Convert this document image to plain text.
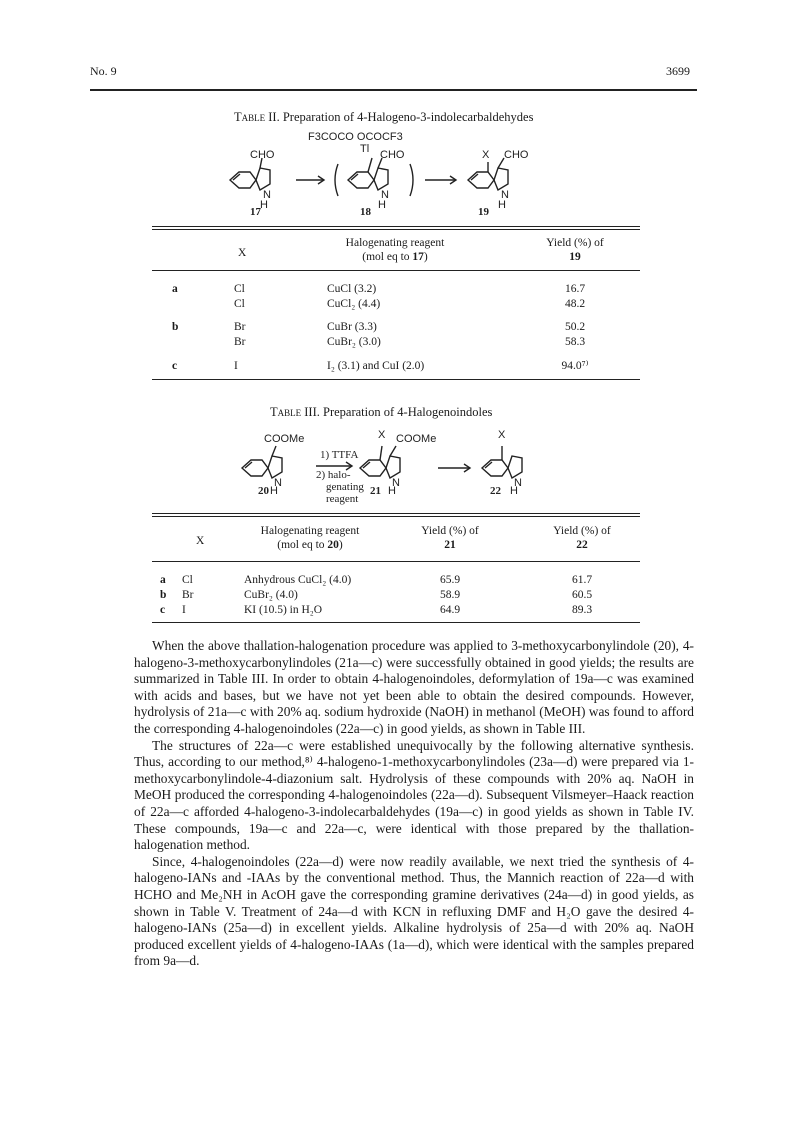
No. 9	3699
Table II. Preparation of 4-Halogeno-3-indolecarbaldehydes
F3COCO OCOCF3
Tl
CHO	CHO	X CHO
N
H
N
H
N
H
17	18	19
X
Halogenating reagent
(mol eq to 17)
Yield (%) of
19
a	Cl	CuCl (3.2)	16.7
Cl	CuCl₂ (4.4)	48.2
b	Br	CuBr (3.3)	50.2
Br	CuBr₂ (3.0)	58.3
c	I	I₂ (3.1) and CuI (2.0)	94.0⁷⁾
Table III. Preparation of 4-Halogenoindoles
COOMe	X COOMe	X
N
H
N
H
N
H
1) TTFA
2) halo-
genating
reagent
20	21	22
X
Halogenating reagent
(mol eq to 20)
Yield (%) of
21
Yield (%) of
22
a Cl	Anhydrous CuCl₂ (4.0)	65.9	61.7
b Br	CuBr₂ (4.0)	58.9	60.5
c I	KI (10.5) in H₂O	64.9	89.3

When the above thallation-halogenation procedure was applied to 3-methoxycarbonylindole (20), 4-halogeno-3-methoxycarbonylindoles (21a—c) were successfully obtained in good yields; the results are summarized in Table III. In order to obtain 4-halogenoindoles, deformylation of 19a—c was examined with acids and bases, but we have not yet been able to obtain the desired compounds. However, hydrolysis of 21a—c with 20% aq. sodium hydroxide (NaOH) in methanol (MeOH) was found to afford the corresponding 4-halogenoindoles (22a—c) in good yields, as shown in Table III.

The structures of 22a—c were established unequivocally by the following alternative synthesis. Thus, according to our method,⁸⁾ 4-halogeno-1-methoxycarbonylindoles (23a—d) were prepared via 1-methoxycarbonylindole-4-diazonium salt. Hydrolysis of these compounds with 20% aq. NaOH in MeOH produced the corresponding 4-halogenoindoles (22a—d). Subsequent Vilsmeyer–Haack reaction of 22a—c afforded 4-halogeno-3-indolecarbaldehydes (19a—c) in good yields as shown in Table IV. These compounds, 19a—c and 22a—c, were identical with those prepared by the thallation-halogenation method.

Since, 4-halogenoindoles (22a—d) were now readily available, we next tried the synthesis of 4-halogeno-IANs and -IAAs by the conventional method. Thus, the Mannich reaction of 22a—d with HCHO and Me₂NH in AcOH gave the corresponding gramine derivatives (24a—d) in good yields, as shown in Table V. Treatment of 24a—d with KCN in refluxing DMF and H₂O gave the desired 4-halogeno-IANs (25a—d) in excellent yields. Alkaline hydrolysis of 25a—d with 20% aq. NaOH produced excellent yields of 4-halogeno-IAAs (1a—d), which were identical with the samples prepared from 9a—d.
